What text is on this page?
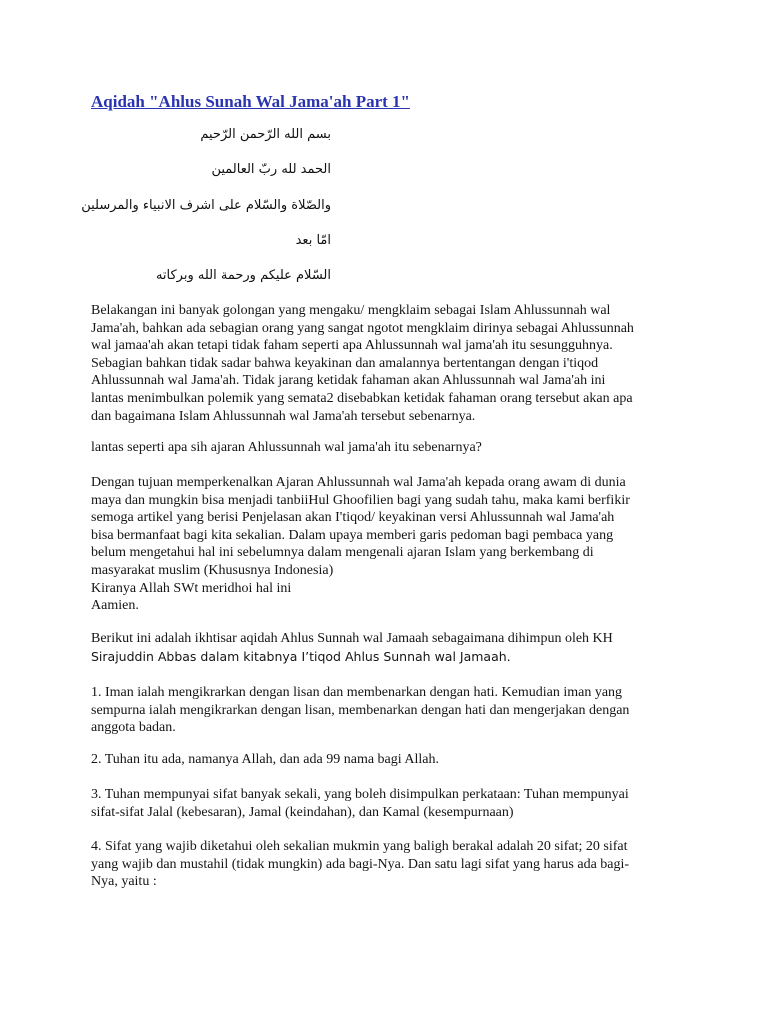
Aqidah "Ahlus Sunah Wal Jama'ah Part 1"
بسم الله الرّحمن الرّحيم
الحمد لله ربّ العالمين
والصّلاة والسّلام على اشرف الانبياء والمرسلين
امّا بعد
السّلام عليكم ورحمة الله وبركاته
Belakangan ini banyak golongan yang mengaku/ mengklaim sebagai Islam Ahlussunnah wal
Jama'ah, bahkan ada sebagian orang yang sangat ngotot mengklaim dirinya sebagai Ahlussunnah
wal jamaa'ah akan tetapi tidak faham seperti apa Ahlussunnah wal jama'ah itu sesungguhnya.
Sebagian bahkan tidak sadar bahwa keyakinan dan amalannya bertentangan dengan i'tiqod
Ahlussunnah wal Jama'ah. Tidak jarang ketidak fahaman akan Ahlussunnah wal Jama'ah ini
lantas menimbulkan polemik yang semata2 disebabkan ketidak fahaman orang tersebut akan apa
dan bagaimana Islam Ahlussunnah wal Jama'ah tersebut sebenarnya.
lantas seperti apa sih ajaran Ahlussunnah wal jama'ah itu sebenarnya?
Dengan tujuan memperkenalkan Ajaran Ahlussunnah wal Jama'ah kepada orang awam di dunia
maya dan mungkin bisa menjadi tanbiiHul Ghoofilien bagi yang sudah tahu, maka kami berfikir
semoga artikel yang berisi Penjelasan akan I'tiqod/ keyakinan versi Ahlussunnah wal Jama'ah
bisa bermanfaat bagi kita sekalian. Dalam upaya memberi garis pedoman bagi pembaca yang
belum mengetahui hal ini sebelumnya dalam mengenali ajaran Islam yang berkembang di
masyarakat muslim (Khususnya Indonesia)
Kiranya Allah SWt meridhoi hal ini
Aamien.
Berikut ini adalah ikhtisar aqidah Ahlus Sunnah wal Jamaah sebagaimana dihimpun oleh KH
Sirajuddin Abbas dalam kitabnya I’tiqod Ahlus Sunnah wal Jamaah.
1. Iman ialah mengikrarkan dengan lisan dan membenarkan dengan hati. Kemudian iman yang
sempurna ialah mengikrarkan dengan lisan, membenarkan dengan hati dan mengerjakan dengan
anggota badan.
2. Tuhan itu ada, namanya Allah, dan ada 99 nama bagi Allah.
3. Tuhan mempunyai sifat banyak sekali, yang boleh disimpulkan perkataan: Tuhan mempunyai
sifat-sifat Jalal (kebesaran), Jamal (keindahan), dan Kamal (kesempurnaan)
4. Sifat yang wajib diketahui oleh sekalian mukmin yang baligh berakal adalah 20 sifat; 20 sifat
yang wajib dan mustahil (tidak mungkin) ada bagi-Nya. Dan satu lagi sifat yang harus ada bagi-
Nya, yaitu :
